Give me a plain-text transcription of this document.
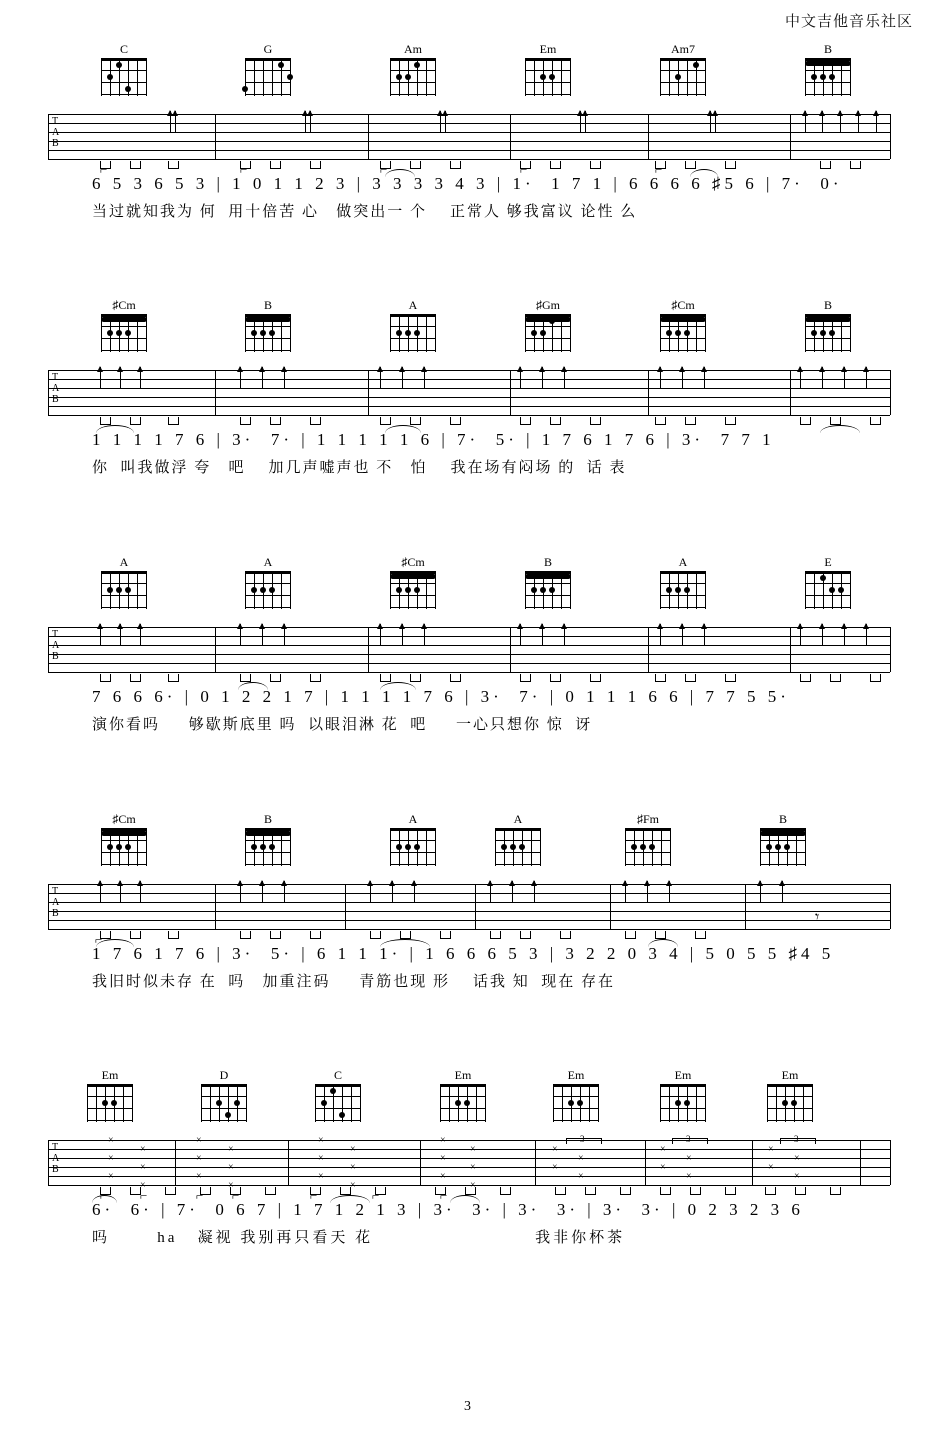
中文吉他音乐社区
C	G	Am	Em	Am7	B
T
A
B
⌐	⌐	⌐	⌐	⌐
6 5 3 6 5 3 | 1 0 1 1 2 3 | 3 3 3 3 4 3 | 1·  1 7 1 | 6 6 6 6 ♯5 6 | 7·  0·
当过就知我为 何  用十倍苦 心   做突出一 个    正常人 够我富议 论性 么
♯Cm	B	A	♯Gm	♯Cm	B
T
A
B
1 1 1 1 7 6 | 3·  7· | 1 1 1 1 1 6 | 7·  5· | 1 7 6 1 7 6 | 3·  7 7 1
你  叫我做浮 夸   吧    加几声嘘声也 不   怕    我在场有闷场 的  话 表
A	A	♯Cm	B	A	E
T
A
B
7 6 6 6· | 0 1 2 2 1 7 | 1 1 1 1 7 6 | 3·  7· | 0 1 1 1 6 6 | 7 7 5 5·
演你看吗     够歇斯底里 吗  以眼泪淋 花  吧     一心只想你 惊  讶
♯Cm	B	A	A	♯Fm	B
T
A
B
⌐
𝄾
1 7 6 1 7 6 | 3·  5· | 6 1 1 1· | 1 6 6 6 5 3 | 3 2 2 0 3 4 | 5 0 5 5 ♯4 5
我旧时似未存 在  吗   加重注码     青筋也现 形    话我 知  现在 存在
Em	D	C	Em	Em	Em	Em
T
A
B
×
×
×
×
×
×
×
×
×
×
×
×
×
×
×
×
×
×
×
×
×
×
×
×
×
×
×
×
×
×
×
×
×
×
×
×
3	3	3
⌐	⌐	⌐ ⌐	⌐	⌐	⌐
6·  6· | 7·  0 6 7 | 1 7 1 2 1 3 | 3·  3· | 3·  3· | 3·  3· | 0 2 3 2 3 6
吗       ha   凝视 我别再只看天 花                        我非你杯茶
3
